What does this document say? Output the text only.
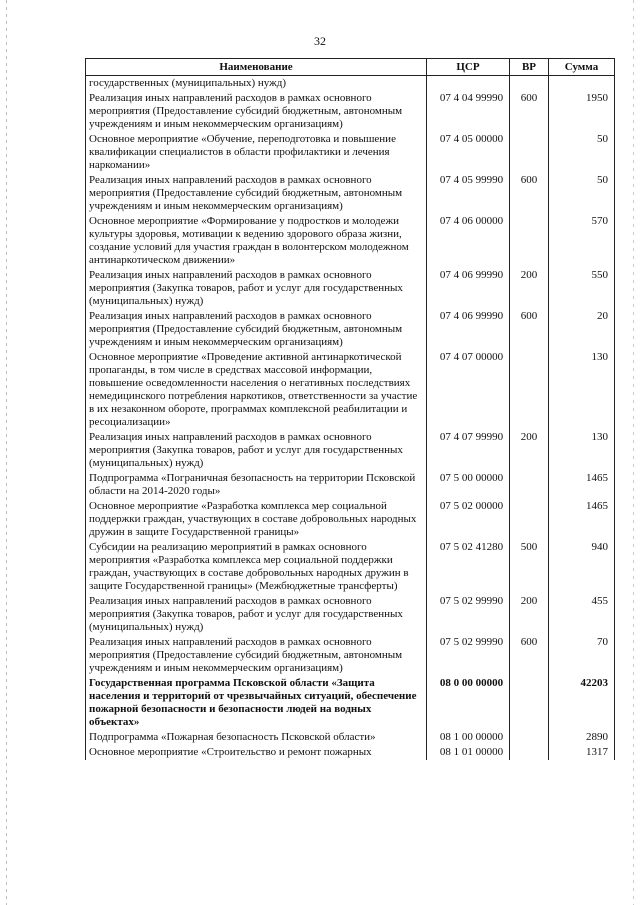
32
Наименование	ЦСР	ВР	Сумма
государственных (муниципальных) нужд)			
Реализация иных направлений расходов в рамках основного мероприятия (Предоставление субсидий бюджетным, автономным учреждениям и иным некоммерческим организациям)	07 4 04 99990	600	1950
Основное мероприятие «Обучение, переподготовка и повышение квалификации специалистов в области профилактики и лечения наркомании»	07 4 05 00000		50
Реализация иных направлений расходов в рамках основного мероприятия (Предоставление субсидий бюджетным, автономным учреждениям и иным некоммерческим организациям)	07 4 05 99990	600	50
Основное мероприятие «Формирование у подростков и молодежи культуры здоровья, мотивации к ведению здорового образа жизни, создание условий для участия граждан в волонтерском молодежном антинаркотическом движении»	07 4 06 00000		570
Реализация иных направлений расходов в рамках основного мероприятия (Закупка товаров, работ и услуг для государственных (муниципальных) нужд)	07 4 06 99990	200	550
Реализация иных направлений расходов в рамках основного мероприятия (Предоставление субсидий бюджетным, автономным учреждениям и иным некоммерческим организациям)	07 4 06 99990	600	20
Основное мероприятие «Проведение активной антинаркотической пропаганды, в том числе в средствах массовой информации, повышение осведомленности населения о негативных последствиях немедицинского потребления наркотиков, ответственности за участие в их незаконном обороте, программах комплексной реабилитации и ресоциализации»	07 4 07 00000		130
Реализация иных направлений расходов в рамках основного мероприятия (Закупка товаров, работ и услуг для государственных (муниципальных) нужд)	07 4 07 99990	200	130
Подпрограмма «Пограничная безопасность на территории Псковской области на 2014-2020 годы»	07 5 00 00000		1465
Основное мероприятие «Разработка комплекса мер социальной поддержки граждан, участвующих в составе добровольных народных дружин в защите Государственной границы»	07 5 02 00000		1465
Субсидии на реализацию мероприятий в рамках основного мероприятия «Разработка комплекса мер социальной поддержки граждан, участвующих в составе добровольных народных дружин в защите Государственной границы» (Межбюджетные трансферты)	07 5 02 41280	500	940
Реализация иных направлений расходов в рамках основного мероприятия (Закупка товаров, работ и услуг для государственных (муниципальных) нужд)	07 5 02 99990	200	455
Реализация иных направлений расходов в рамках основного мероприятия (Предоставление субсидий бюджетным, автономным учреждениям и иным некоммерческим организациям)	07 5 02 99990	600	70
Государственная программа Псковской области «Защита населения и территорий от чрезвычайных ситуаций, обеспечение пожарной безопасности и безопасности людей на водных объектах»	08 0 00 00000		42203
Подпрограмма «Пожарная безопасность Псковской области»	08 1 00 00000		2890
Основное мероприятие «Строительство и ремонт пожарных	08 1 01 00000		1317
